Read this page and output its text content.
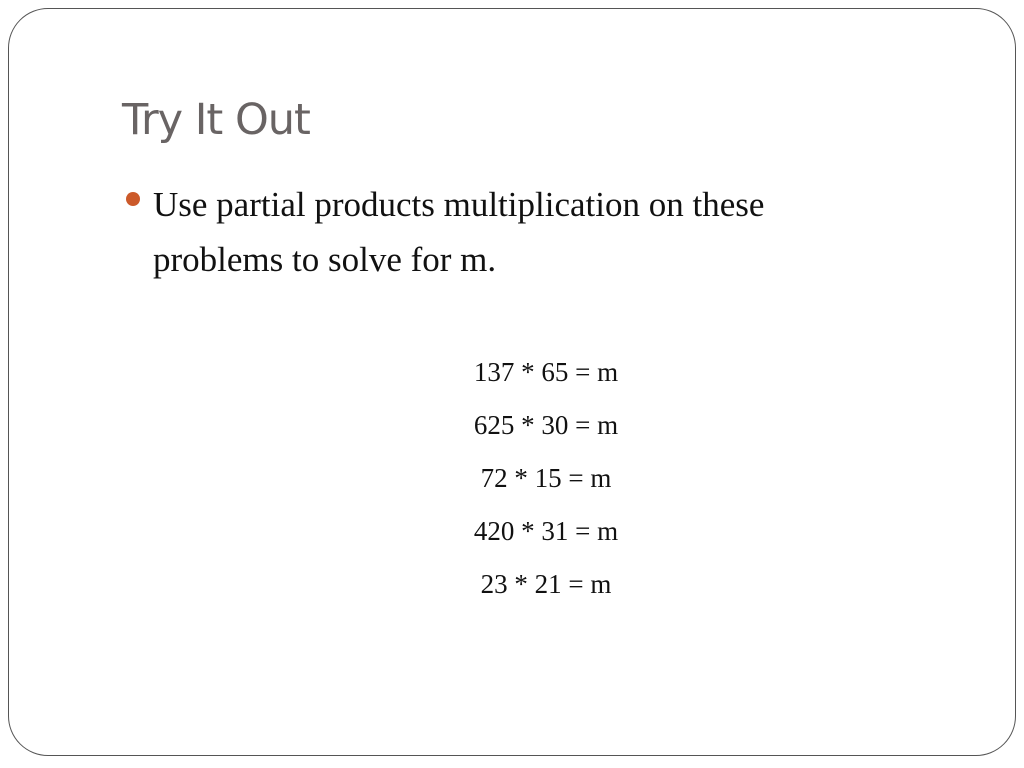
Try It Out

Use partial products multiplication on these problems to solve for m.

137 * 65 = m
625 * 30 = m
72 * 15 = m
420 * 31 = m
23 * 21 = m
